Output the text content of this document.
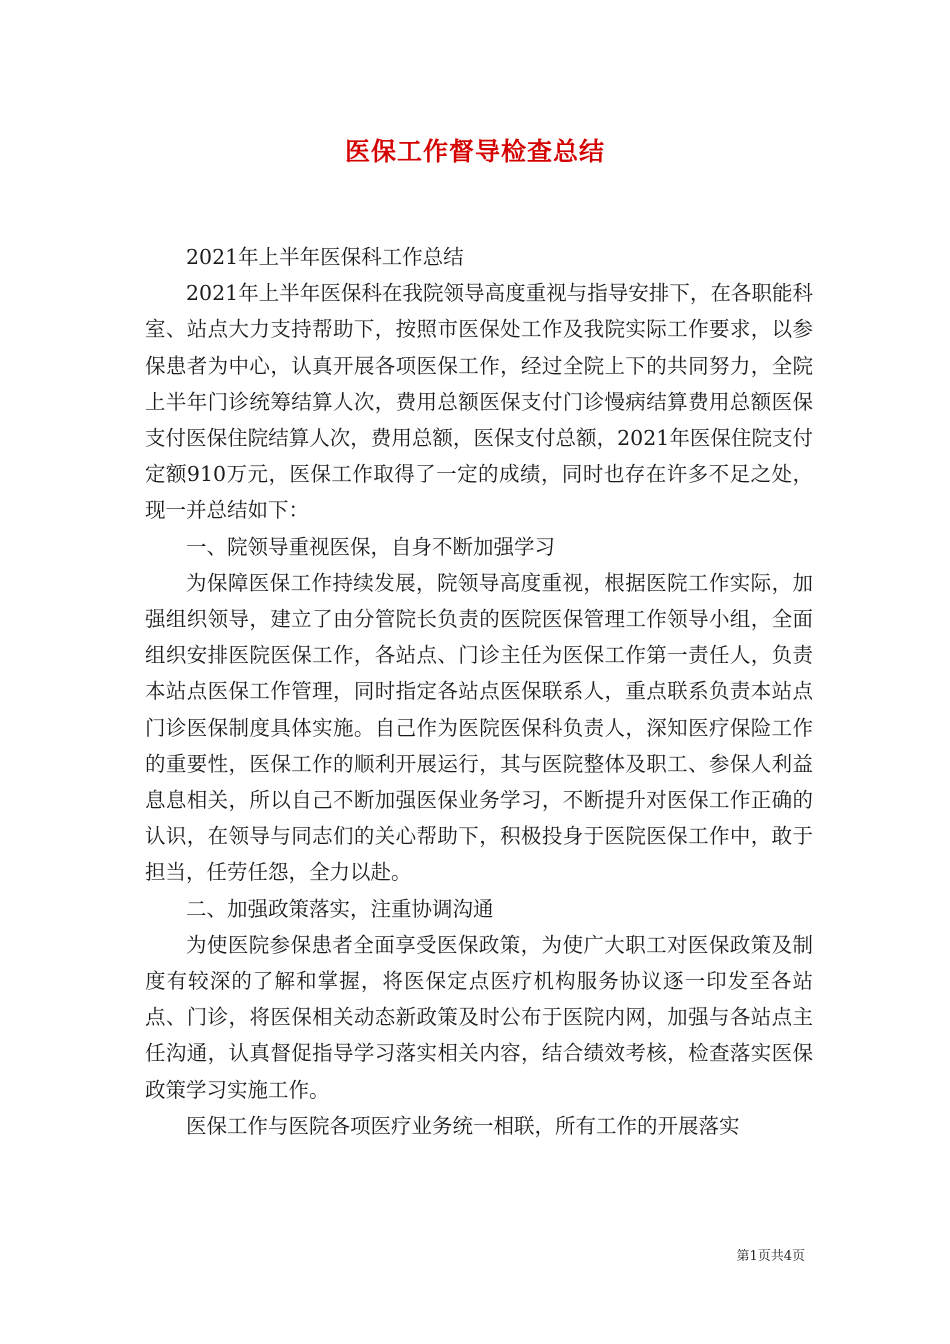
医保工作督导检查总结

2021年上半年医保科工作总结

2021年上半年医保科在我院领导高度重视与指导安排下，在各职能科室、站点大力支持帮助下，按照市医保处工作及我院实际工作要求，以参保患者为中心，认真开展各项医保工作，经过全院上下的共同努力，全院上半年门诊统筹结算人次，费用总额医保支付门诊慢病结算费用总额医保支付医保住院结算人次，费用总额，医保支付总额，2021年医保住院支付定额910万元，医保工作取得了一定的成绩，同时也存在许多不足之处，现一并总结如下：

一、院领导重视医保，自身不断加强学习

为保障医保工作持续发展，院领导高度重视，根据医院工作实际，加强组织领导，建立了由分管院长负责的医院医保管理工作领导小组，全面组织安排医院医保工作，各站点、门诊主任为医保工作第一责任人，负责本站点医保工作管理，同时指定各站点医保联系人，重点联系负责本站点门诊医保制度具体实施。自己作为医院医保科负责人，深知医疗保险工作的重要性，医保工作的顺利开展运行，其与医院整体及职工、参保人利益息息相关，所以自己不断加强医保业务学习，不断提升对医保工作正确的认识，在领导与同志们的关心帮助下，积极投身于医院医保工作中，敢于担当，任劳任怨，全力以赴。

二、加强政策落实，注重协调沟通

为使医院参保患者全面享受医保政策，为使广大职工对医保政策及制度有较深的了解和掌握，将医保定点医疗机构服务协议逐一印发至各站点、门诊，将医保相关动态新政策及时公布于医院内网，加强与各站点主任沟通，认真督促指导学习落实相关内容，结合绩效考核，检查落实医保政策学习实施工作。

医保工作与医院各项医疗业务统一相联，所有工作的开展落实

第1页共4页
